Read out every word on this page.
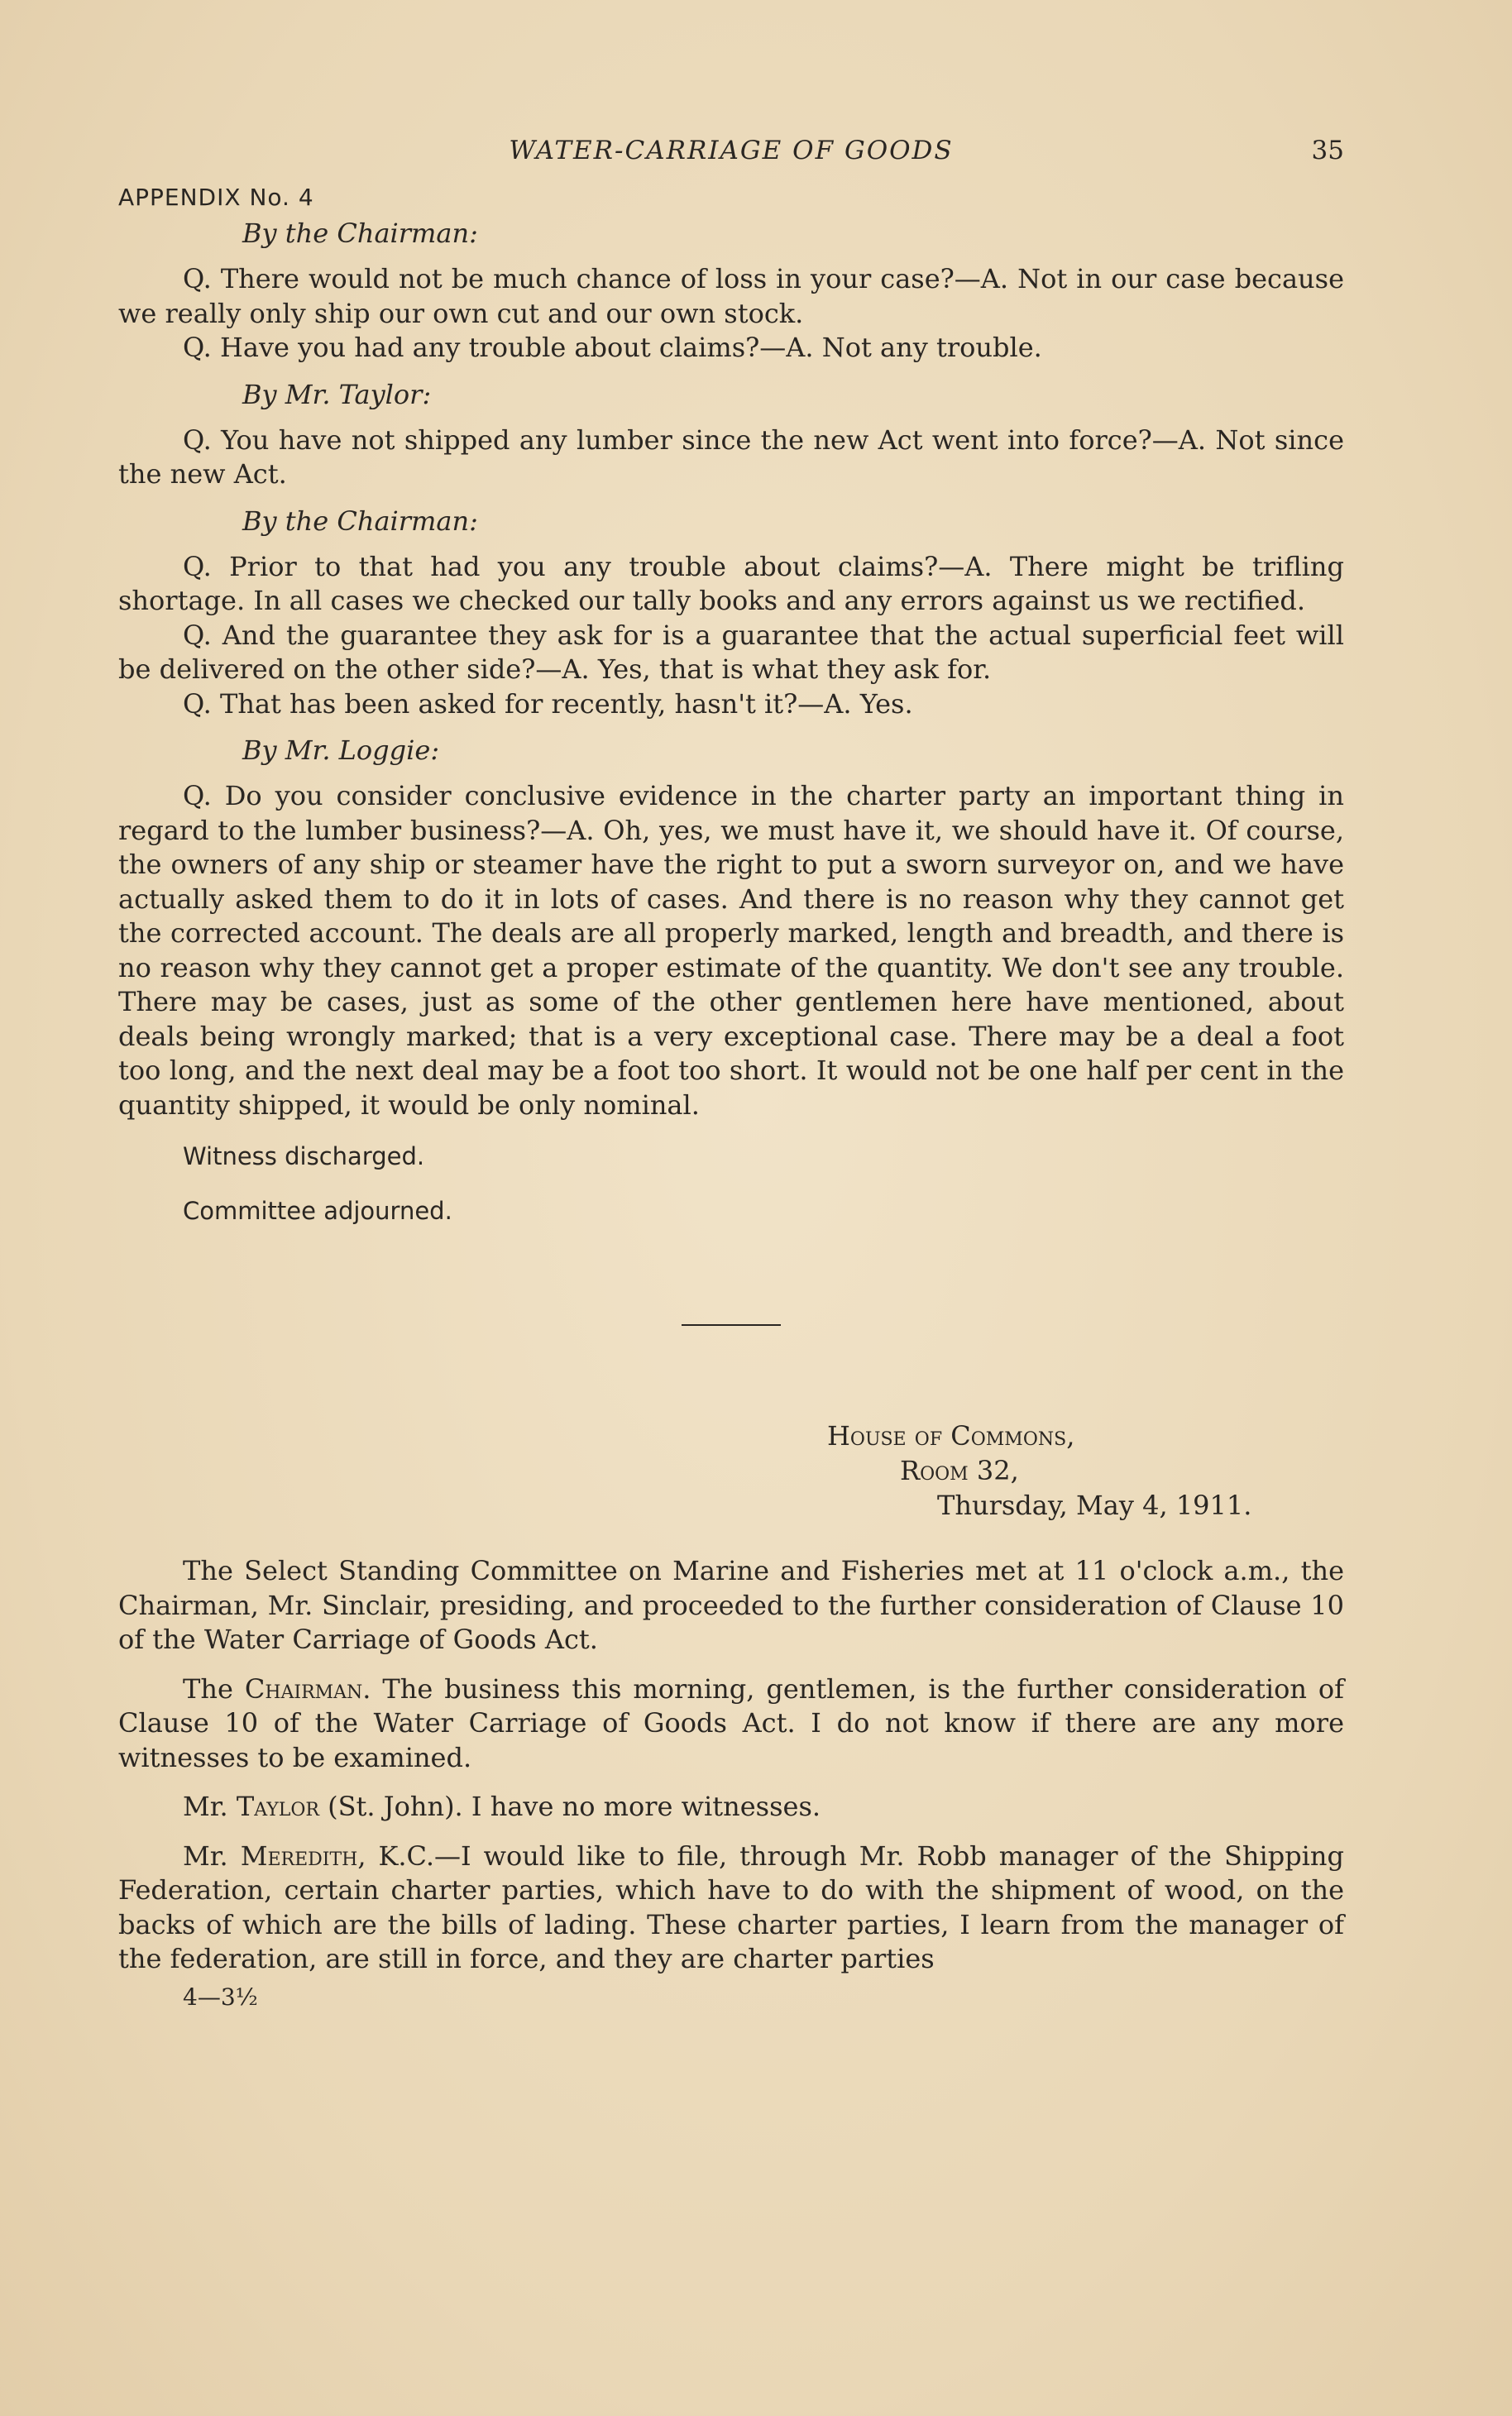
WATER-CARRIAGE OF GOODS	35
APPENDIX No. 4
By the Chairman:

Q. There would not be much chance of loss in your case?—A. Not in our case because we really only ship our own cut and our own stock.

Q. Have you had any trouble about claims?—A. Not any trouble.

By Mr. Taylor:

Q. You have not shipped any lumber since the new Act went into force?—A. Not since the new Act.

By the Chairman:

Q. Prior to that had you any trouble about claims?—A. There might be trifling shortage. In all cases we checked our tally books and any errors against us we rectified.

Q. And the guarantee they ask for is a guarantee that the actual superficial feet will be delivered on the other side?—A. Yes, that is what they ask for.

Q. That has been asked for recently, hasn't it?—A. Yes.

By Mr. Loggie:

Q. Do you consider conclusive evidence in the charter party an important thing in regard to the lumber business?—A. Oh, yes, we must have it, we should have it. Of course, the owners of any ship or steamer have the right to put a sworn surveyor on, and we have actually asked them to do it in lots of cases. And there is no reason why they cannot get the corrected account. The deals are all properly marked, length and breadth, and there is no reason why they cannot get a proper estimate of the quantity. We don't see any trouble. There may be cases, just as some of the other gentlemen here have mentioned, about deals being wrongly marked; that is a very exceptional case. There may be a deal a foot too long, and the next deal may be a foot too short. It would not be one half per cent in the quantity shipped, it would be only nominal.

Witness discharged.
Committee adjourned.
House of Commons,
Room 32,
Thursday, May 4, 1911.

The Select Standing Committee on Marine and Fisheries met at 11 o'clock a.m., the Chairman, Mr. Sinclair, presiding, and proceeded to the further consideration of Clause 10 of the Water Carriage of Goods Act.

The Chairman. The business this morning, gentlemen, is the further consideration of Clause 10 of the Water Carriage of Goods Act. I do not know if there are any more witnesses to be examined.

Mr. Taylor (St. John). I have no more witnesses.

Mr. Meredith, K.C.—I would like to file, through Mr. Robb manager of the Shipping Federation, certain charter parties, which have to do with the shipment of wood, on the backs of which are the bills of lading. These charter parties, I learn from the manager of the federation, are still in force, and they are charter parties

4—3½
